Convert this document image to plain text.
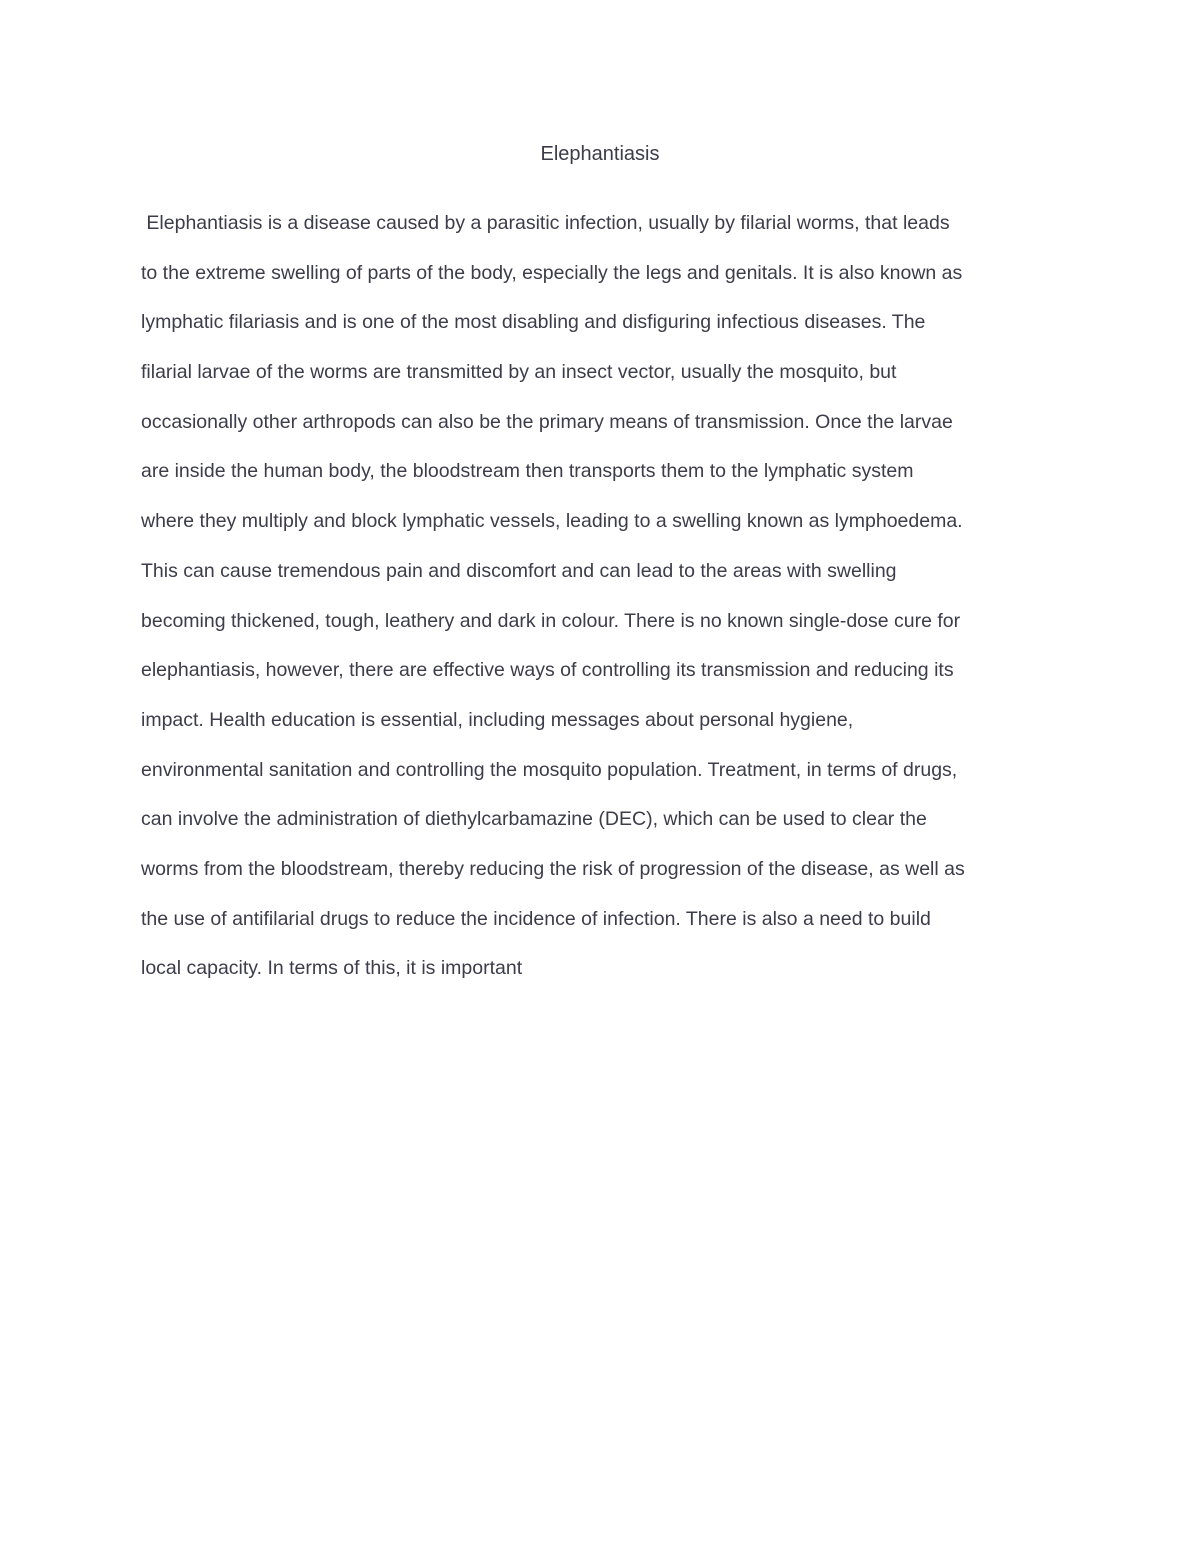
Elephantiasis
Elephantiasis is a disease caused by a parasitic infection, usually by filarial worms, that leads
to the extreme swelling of parts of the body, especially the legs and genitals. It is also known as
lymphatic filariasis and is one of the most disabling and disfiguring infectious diseases. The
filarial larvae of the worms are transmitted by an insect vector, usually the mosquito, but
occasionally other arthropods can also be the primary means of transmission. Once the larvae
are inside the human body, the bloodstream then transports them to the lymphatic system
where they multiply and block lymphatic vessels, leading to a swelling known as lymphoedema.
This can cause tremendous pain and discomfort and can lead to the areas with swelling
becoming thickened, tough, leathery and dark in colour. There is no known single-dose cure for
elephantiasis, however, there are effective ways of controlling its transmission and reducing its
impact. Health education is essential, including messages about personal hygiene,
environmental sanitation and controlling the mosquito population. Treatment, in terms of drugs,
can involve the administration of diethylcarbamazine (DEC), which can be used to clear the
worms from the bloodstream, thereby reducing the risk of progression of the disease, as well as
the use of antifilarial drugs to reduce the incidence of infection. There is also a need to build
local capacity. In terms of this, it is important
